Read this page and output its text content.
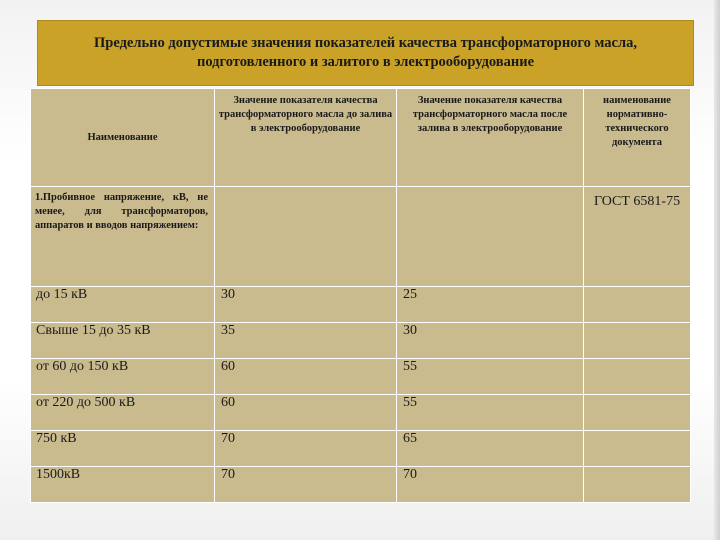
Предельно допустимые значения показателей качества трансформаторного масла, подготовленного и залитого в электрооборудование
Наименование	Значение показателя качества трансформаторного масла до залива в электрооборудование	Значение показателя качества трансформаторного масла после залива в электрооборудование	наименование нормативно-технического документа

1.Пробивное напряжение, кВ, не менее, для трансформаторов, аппаратов и вводов напряжением:			ГОСТ 6581-75
до 15 кВ	30	25	
Свыше 15 до 35 кВ	35	30	
от 60 до 150 кВ	60	55	
от 220 до 500 кВ	60	55	
750 кВ	70	65	
1500кВ	70	70	
